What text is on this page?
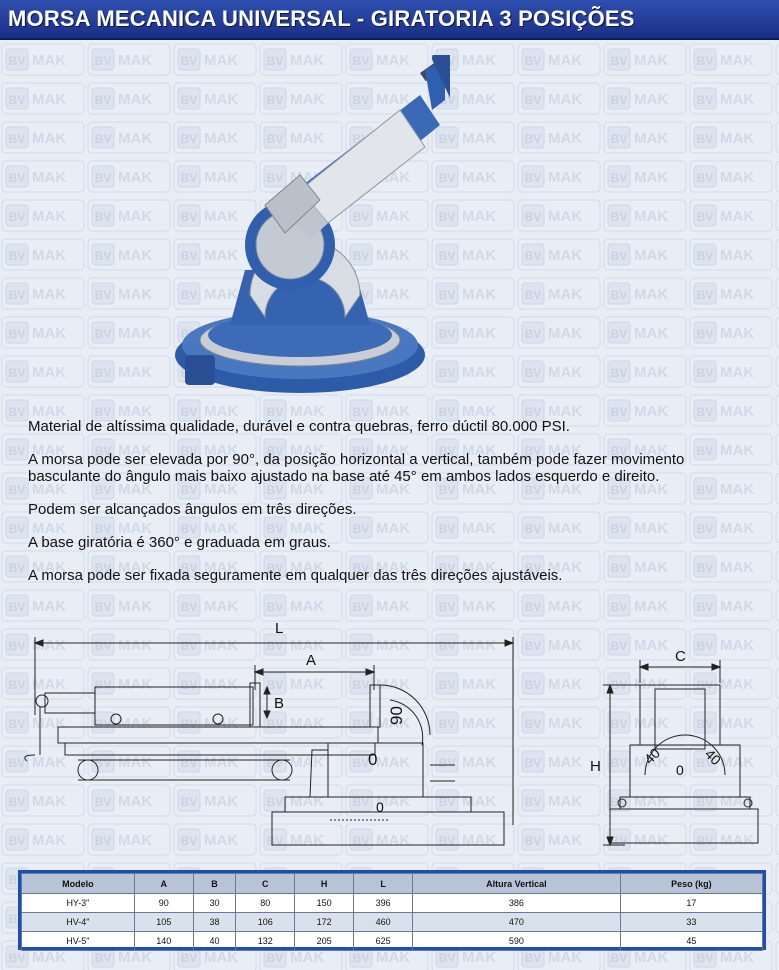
MORSA MECANICA UNIVERSAL - GIRATORIA 3 POSIÇÕES

Material de altíssima qualidade, durável e contra quebras, ferro dúctil 80.000 PSI.

A morsa pode ser elevada por 90°, da posição horizontal a vertical, também pode fazer movimento basculante do ângulo mais baixo ajustado na base até 45° em ambos lados esquerdo e direito.

Podem ser alcançados ângulos em três direções.

A base giratória é 360° e graduada em graus.

A morsa pode ser fixada seguramente em qualquer das três direções ajustáveis.

L
A
B
C
H
90
0
0
40	40
0
Modelo	A	B	C	H	L	Altura Vertical	Peso (kg)
HY-3"	90	30	80	150	396	386	17
HV-4"	105	38	106	172	460	470	33
HV-5"	140	40	132	205	625	590	45
